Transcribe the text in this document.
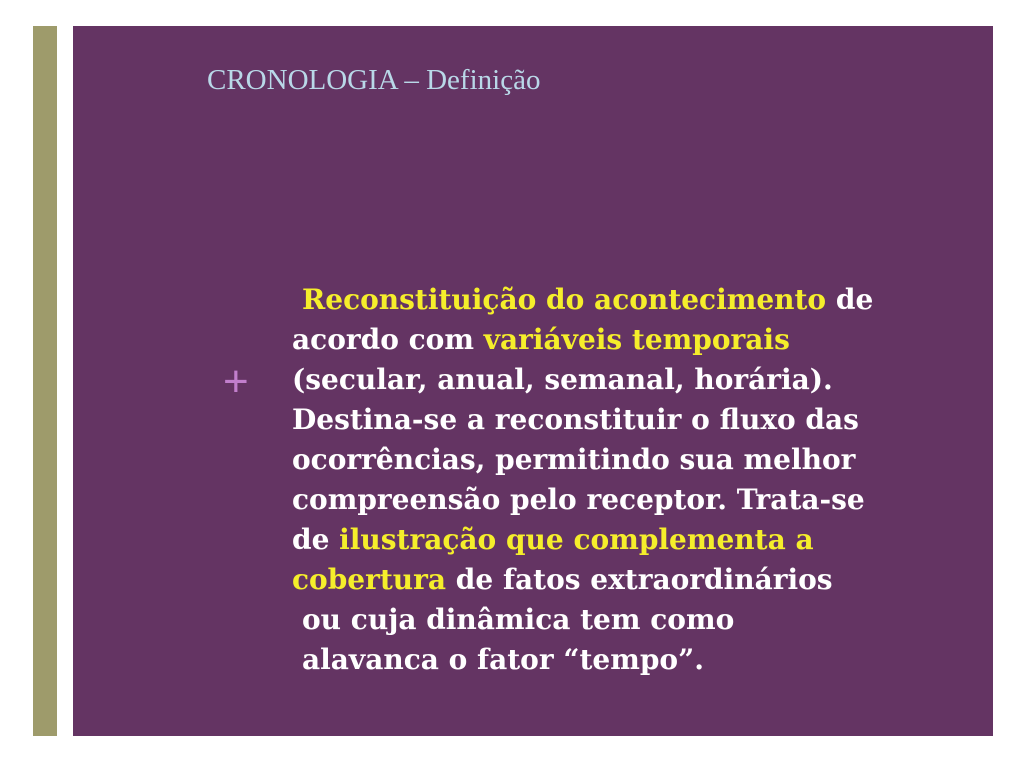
CRONOLOGIA – Definição
+
Reconstituição do acontecimento de
acordo com variáveis temporais
(secular, anual, semanal, horária).
Destina-se a reconstituir o fluxo das
ocorrências, permitindo sua melhor
compreensão pelo receptor. Trata-se
de ilustração que complementa a
cobertura de fatos extraordinários
ou cuja dinâmica tem como
alavanca o fator “tempo”.
